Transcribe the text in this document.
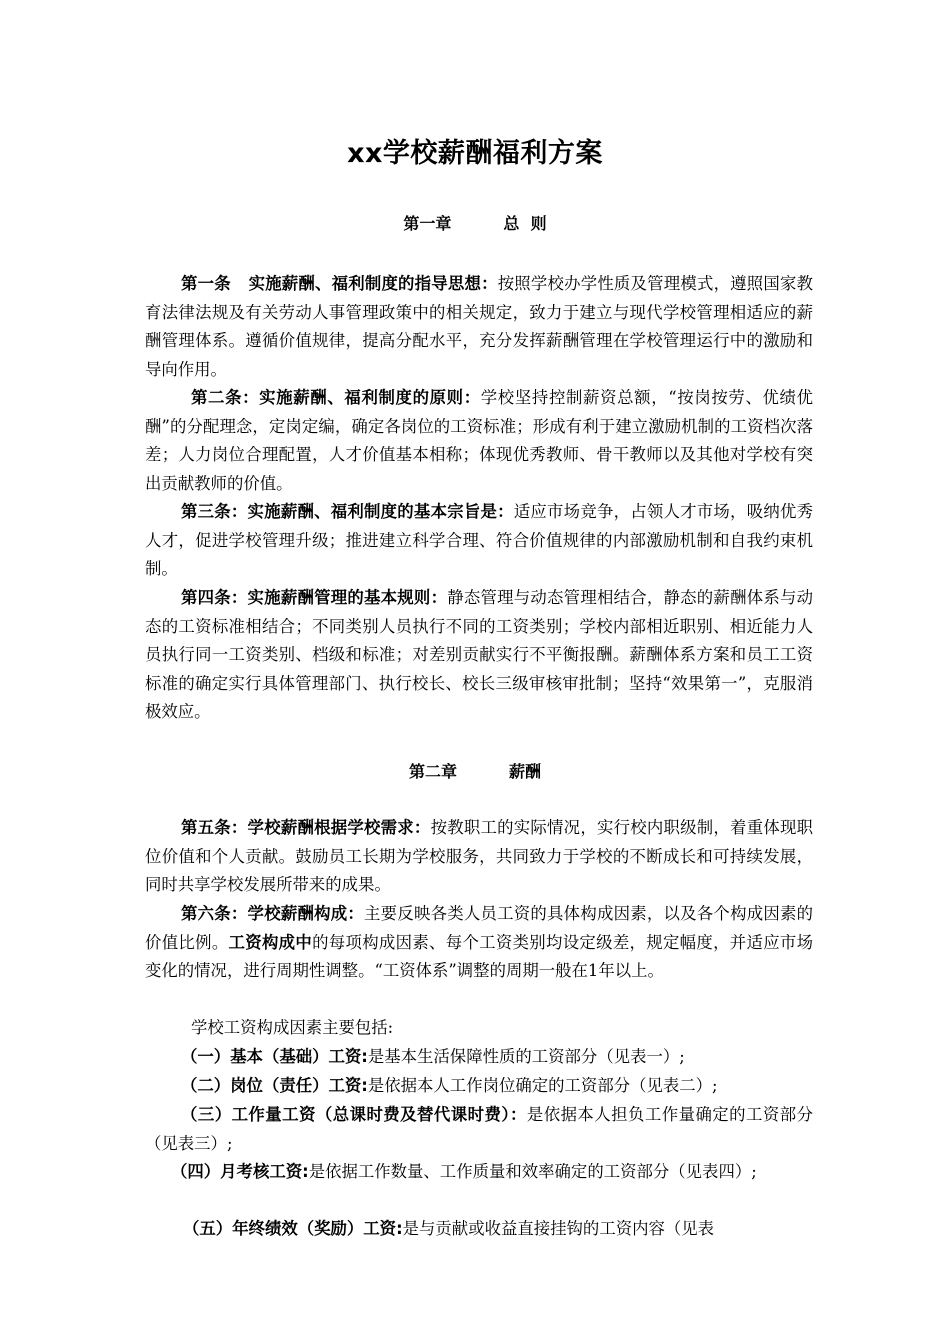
xx学校薪酬福利方案
第一章	总  则
第一条   实施薪酬、福利制度的指导思想：按照学校办学性质及管理模式，遵照国家教育法律法规及有关劳动人事管理政策中的相关规定，致力于建立与现代学校管理相适应的薪酬管理体系。遵循价值规律，提高分配水平，充分发挥薪酬管理在学校管理运行中的激励和导向作用。
第二条：实施薪酬、福利制度的原则：学校坚持控制薪资总额，“按岗按劳、优绩优酬”的分配理念，定岗定编，确定各岗位的工资标准；形成有利于建立激励机制的工资档次落差；人力岗位合理配置，人才价值基本相称；体现优秀教师、骨干教师以及其他对学校有突出贡献教师的价值。
第三条：实施薪酬、福利制度的基本宗旨是：适应市场竞争，占领人才市场，吸纳优秀人才，促进学校管理升级；推进建立科学合理、符合价值规律的内部激励机制和自我约束机制。
第四条：实施薪酬管理的基本规则：静态管理与动态管理相结合，静态的薪酬体系与动态的工资标准相结合；不同类别人员执行不同的工资类别；学校内部相近职别、相近能力人员执行同一工资类别、档级和标准；对差别贡献实行不平衡报酬。薪酬体系方案和员工工资标准的确定实行具体管理部门、执行校长、校长三级审核审批制；坚持“效果第一”，克服消极效应。
第二章	薪酬
第五条：学校薪酬根据学校需求：按教职工的实际情况，实行校内职级制，着重体现职位价值和个人贡献。鼓励员工长期为学校服务，共同致力于学校的不断成长和可持续发展，同时共享学校发展所带来的成果。
第六条：学校薪酬构成：主要反映各类人员工资的具体构成因素，以及各个构成因素的价值比例。工资构成中的每项构成因素、每个工资类别均设定级差，规定幅度，并适应市场变化的情况，进行周期性调整。“工资体系”调整的周期一般在1年以上。
学校工资构成因素主要包括:
（一）基本（基础）工资:是基本生活保障性质的工资部分（见表一）;
（二）岗位（责任）工资:是依据本人工作岗位确定的工资部分（见表二）;
（三）工作量工资（总课时费及替代课时费）：是依据本人担负工作量确定的工资部分（见表三）;
（四）月考核工资:是依据工作数量、工作质量和效率确定的工资部分（见表四）;
（五）年终绩效（奖励）工资:是与贡献或收益直接挂钩的工资内容（见表
